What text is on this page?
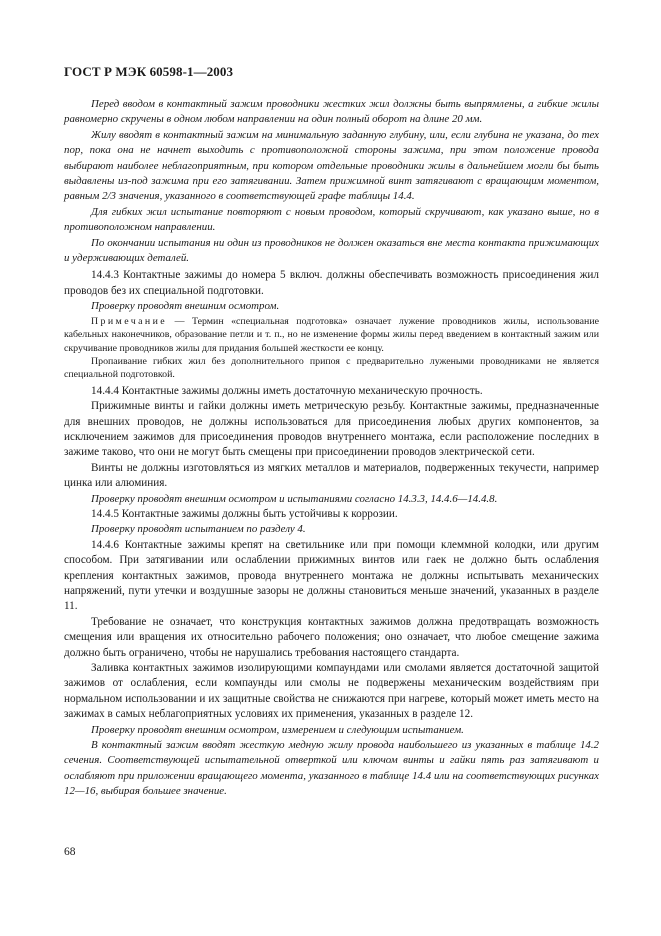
ГОСТ Р МЭК 60598-1—2003

Перед вводом в контактный зажим проводники жестких жил должны быть выпрямлены, а гибкие жилы равномерно скручены в одном любом направлении на один полный оборот на длине 20 мм.

Жилу вводят в контактный зажим на минимальную заданную глубину, или, если глубина не указана, до тех пор, пока она не начнет выходить с противоположной стороны зажима, при этом положение провода выбирают наиболее неблагоприятным, при котором отдельные проводники жилы в дальнейшем могли бы быть выдавлены из-под зажима при его затягивании. Затем прижимной винт затягивают с вращающим моментом, равным 2/3 значения, указанного в соответствующей графе таблицы 14.4.

Для гибких жил испытание повторяют с новым проводом, который скручивают, как указано выше, но в противоположном направлении.

По окончании испытания ни один из проводников не должен оказаться вне места контакта прижимающих и удерживающих деталей.

14.4.3 Контактные зажимы до номера 5 включ. должны обеспечивать возможность присоединения жил проводов без их специальной подготовки.

Проверку проводят внешним осмотром.

Примечание — Термин «специальная подготовка» означает лужение проводников жилы, использование кабельных наконечников, образование петли и т. п., но не изменение формы жилы перед введением в контактный зажим или скручивание проводников жилы для придания большей жесткости ее концу.

Пропаивание гибких жил без дополнительного припоя с предварительно лужеными проводниками не является специальной подготовкой.

14.4.4 Контактные зажимы должны иметь достаточную механическую прочность.

Прижимные винты и гайки должны иметь метрическую резьбу. Контактные зажимы, предназначенные для внешних проводов, не должны использоваться для присоединения любых других компонентов, за исключением зажимов для присоединения проводов внутреннего монтажа, если расположение последних в зажиме таково, что они не могут быть смещены при присоединении проводов электрической сети.

Винты не должны изготовляться из мягких металлов и материалов, подверженных текучести, например цинка или алюминия.

Проверку проводят внешним осмотром и испытаниями согласно 14.3.3, 14.4.6—14.4.8.

14.4.5 Контактные зажимы должны быть устойчивы к коррозии.

Проверку проводят испытанием по разделу 4.

14.4.6 Контактные зажимы крепят на светильнике или при помощи клеммной колодки, или другим способом. При затягивании или ослаблении прижимных винтов или гаек не должно быть ослабления крепления контактных зажимов, провода внутреннего монтажа не должны испытывать механических напряжений, пути утечки и воздушные зазоры не должны становиться меньше значений, указанных в разделе 11.

Требование не означает, что конструкция контактных зажимов должна предотвращать возможность смещения или вращения их относительно рабочего положения; оно означает, что любое смещение зажима должно быть ограничено, чтобы не нарушались требования настоящего стандарта.

Заливка контактных зажимов изолирующими компаундами или смолами является достаточной защитой зажимов от ослабления, если компаунды или смолы не подвержены механическим воздействиям при нормальном использовании и их защитные свойства не снижаются при нагреве, который может иметь место на зажимах в самых неблагоприятных условиях их применения, указанных в разделе 12.

Проверку проводят внешним осмотром, измерением и следующим испытанием.

В контактный зажим вводят жесткую медную жилу провода наибольшего из указанных в таблице 14.2 сечения. Соответствующей испытательной отверткой или ключом винты и гайки пять раз затягивают и ослабляют при приложении вращающего момента, указанного в таблице 14.4 или на соответствующих рисунках 12—16, выбирая большее значение.

68
